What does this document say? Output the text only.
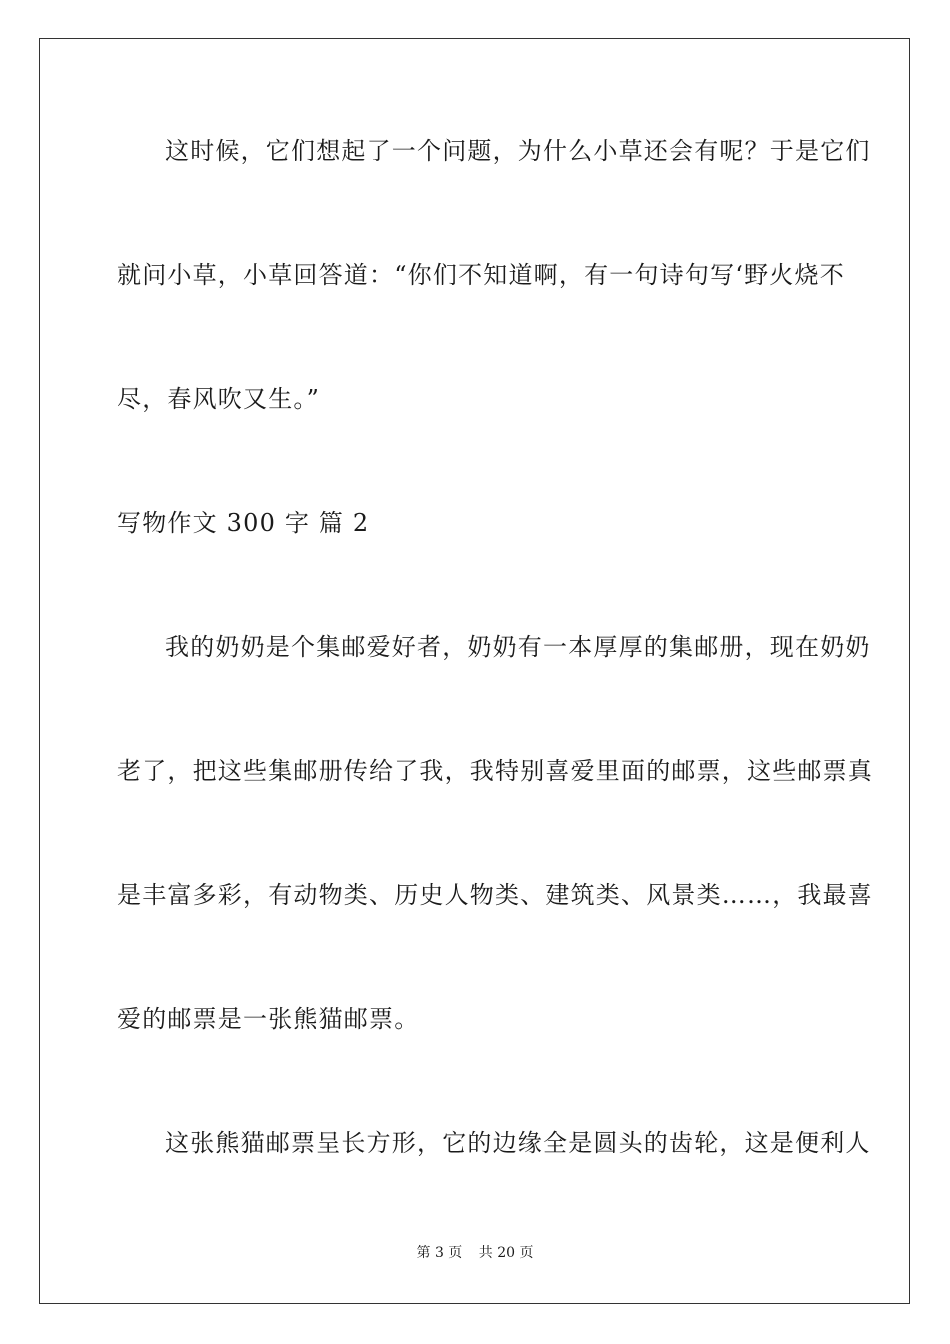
这时候，它们想起了一个问题，为什么小草还会有呢？于是它们
就问小草，小草回答道：“你们不知道啊，有一句诗句写‘野火烧不
尽，春风吹又生。”
写物作文 300 字 篇 2
我的奶奶是个集邮爱好者，奶奶有一本厚厚的集邮册，现在奶奶
老了，把这些集邮册传给了我，我特别喜爱里面的邮票，这些邮票真
是丰富多彩，有动物类、历史人物类、建筑类、风景类……，我最喜
爱的邮票是一张熊猫邮票。
这张熊猫邮票呈长方形，它的边缘全是圆头的齿轮，这是便利人
第 3 页 共 20 页
